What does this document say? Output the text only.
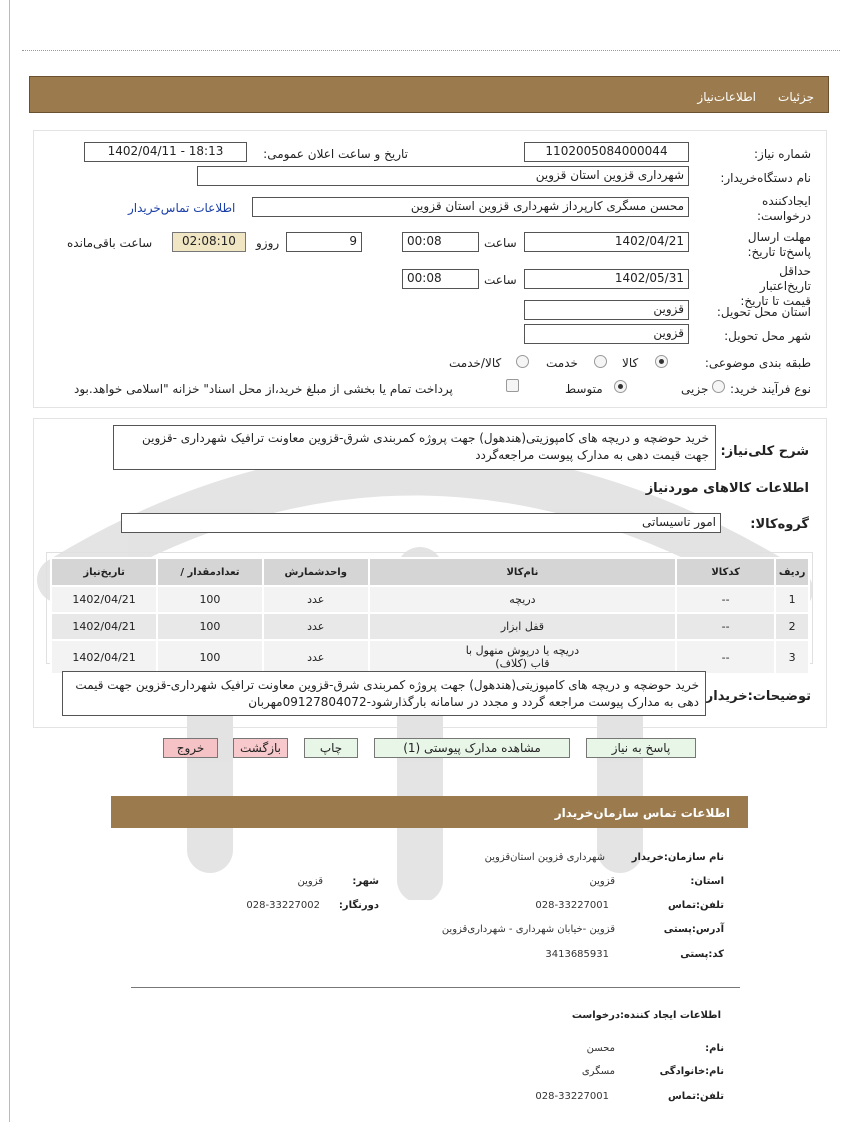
جزئیات
اطلاعات‌نیاز
شماره نیاز:
1102005084000044
تاریخ و ساعت اعلان عمومی:
1402/04/11 - 18:13
نام دستگاه‌خریدار:
شهرداری قزوین استان قزوین
ایجادکننده درخواست:
محسن مسگری کارپرداز شهرداری قزوین استان قزوین
اطلاعات تماس‌خریدار
مهلت ارسال پاسخ‌تا تاریخ:
1402/04/21
ساعت
00:08
9
روزو
02:08:10
ساعت باقی‌مانده
حداقل تاریخ‌اعتبار قیمت تا تاریخ:
1402/05/31
ساعت
00:08
استان محل تحویل:
قزوین
شهر محل تحویل:
قزوین
طبقه بندی موضوعی:
کالا
خدمت
کالا/خدمت
نوع فرآیند خرید:
جزیی
متوسط
پرداخت تمام یا بخشی از مبلغ خرید،از محل اسناد" خزانه "اسلامی خواهد.بود
شرح کلی‌نیاز:
خرید حوضچه و دریچه های کامپوزیتی(هندهول) جهت پروژه کمربندی شرق-قزوین معاونت ترافیک شهرداری -قزوین جهت قیمت دهی به مدارک پیوست مراجعه‌گردد
اطلاعات کالاهای موردنیاز
گروه‌کالا:
امور تاسیساتی
ردیف	کدکالا	نام‌کالا	واحدشمارش	تعدادمقدار /	تاریخ‌نیاز
1	--	دریچه	عدد	100	1402/04/21
2	--	قفل ابزار	عدد	100	1402/04/21
3	--	دریچه یا درپوش منهول با قاب (کلاف)	عدد	100	1402/04/21
توضیحات:خریدار
خرید حوضچه و دریچه های کامپوزیتی(هندهول) جهت پروژه کمربندی شرق-قزوین معاونت ترافیک شهرداری-قزوین جهت قیمت دهی به مدارک پیوست مراجعه گردد و مجدد در سامانه بارگذارشود-09127804072مهربان
پاسخ به نیاز
مشاهده مدارک پیوستی (1)
چاپ
بازگشت
خروج
اطلاعات تماس سازمان‌خریدار
نام سازمان:خریدار
شهرداری قزوین استان‌قزوین
استان:
قزوین
شهر:
قزوین
تلفن:تماس
028-33227001
دورنگار:
028-33227002
آدرس:پستی
قزوین -خیابان شهرداری - شهرداری‌قزوین
کد:پستی
3413685931
اطلاعات ایجاد کننده:درخواست
نام:
محسن
نام:خانوادگی
مسگری
تلفن:تماس
028-33227001
